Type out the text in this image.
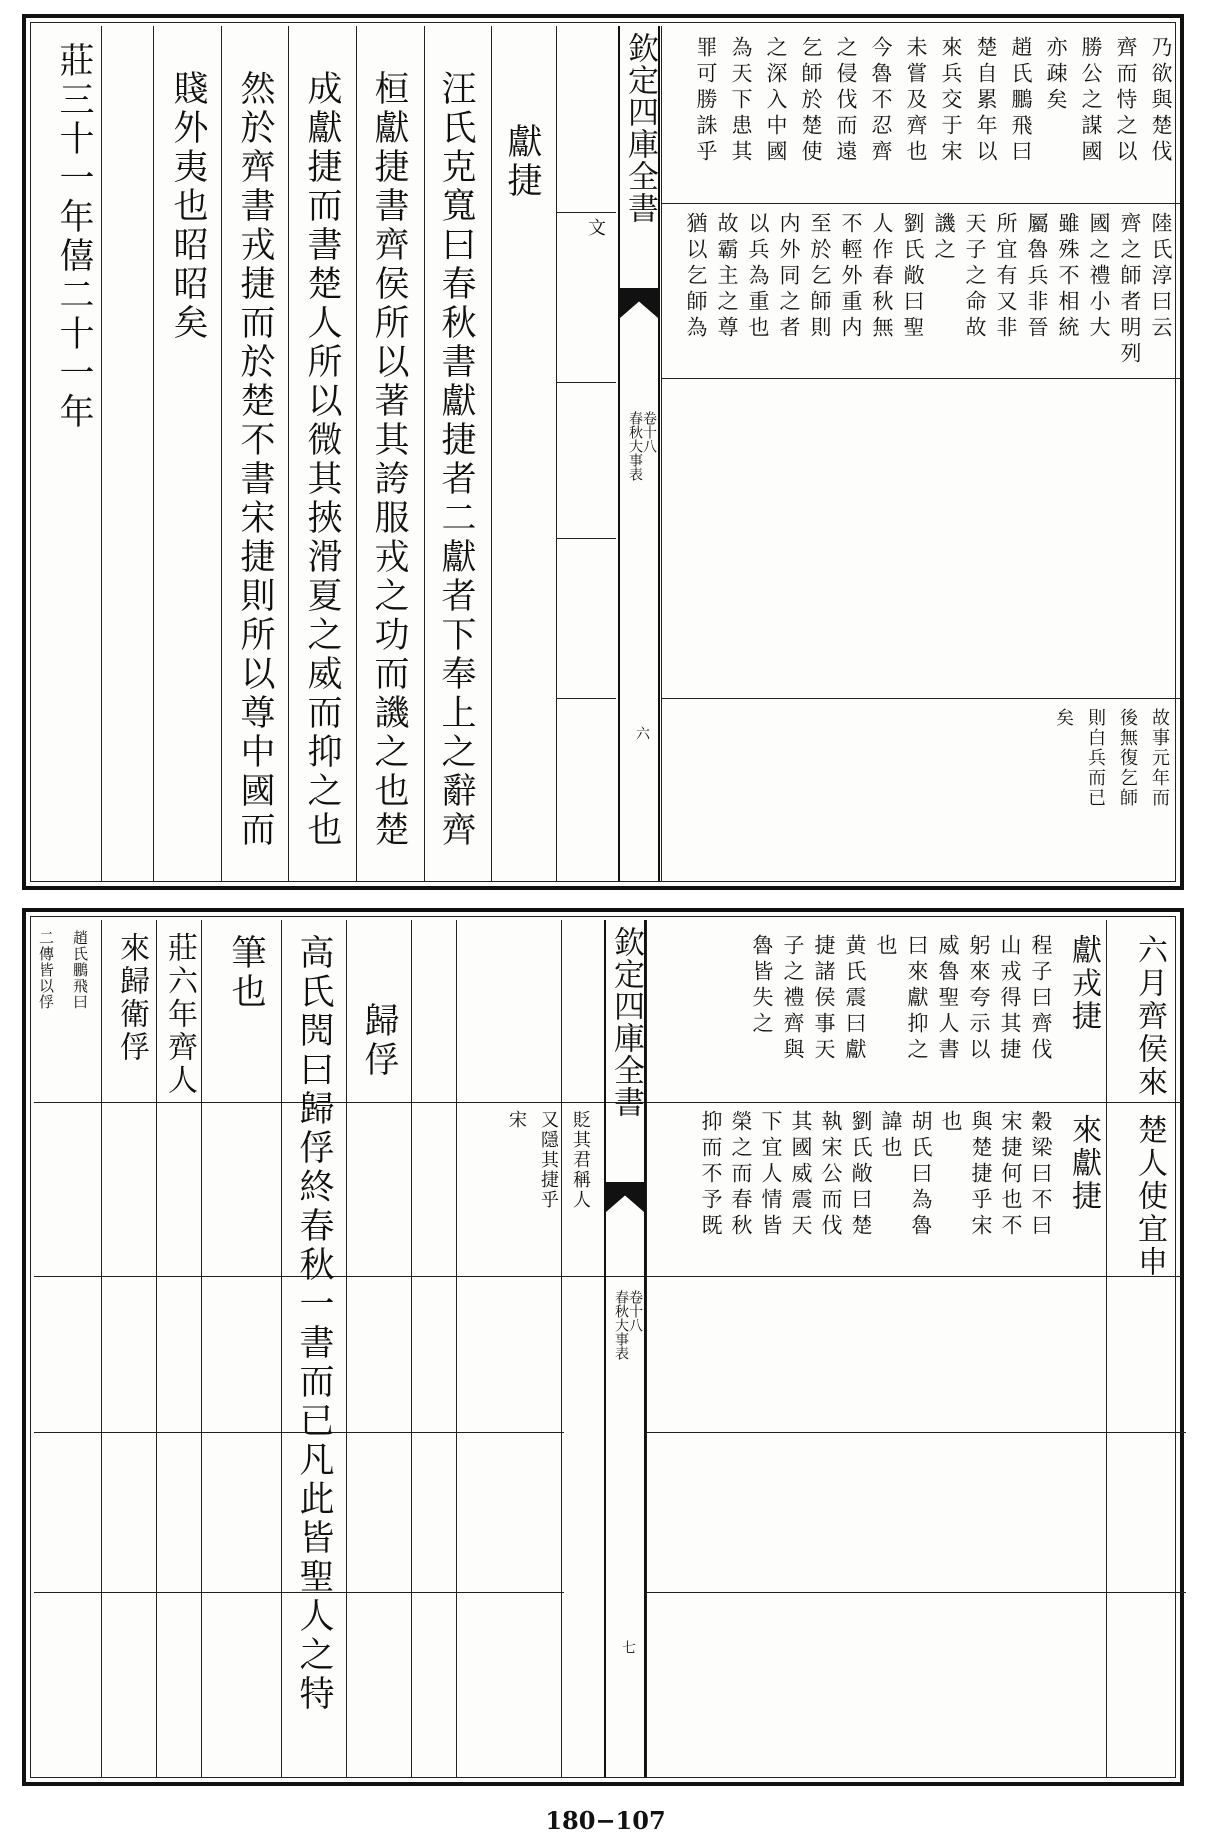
欽定四庫全書
春秋大事表
卷十八
六
乃欲與楚伐
齊而恃之以
勝公之謀國
亦疎矣
趙氏鵬飛曰
楚自累年以
來兵交于宋
未嘗及齊也
今魯不忍齊
之侵伐而遠
乞師於楚使
之深入中國
為天下患其
罪可勝誅乎
陸氏淳曰云
齊之師者明列
國之禮小大
雖殊不相統
屬魯兵非晉
所宜有又非
天子之命故
譏之
劉氏敞曰聖
人作春秋無
不輕外重内
至於乞師則
内外同之者
以兵為重也
故霸主之尊
猶以乞師為
故事元年而
後無復乞師
則白兵而已
矣
文
獻捷
汪氏克寬曰春秋書獻捷者二獻者下奉上之辭齊
桓獻捷書齊侯所以著其誇服戎之功而譏之也楚
成獻捷而書楚人所以微其挾滑夏之威而抑之也
然於齊書戎捷而於楚不書宋捷則所以尊中國而
賤外夷也昭昭矣
莊三十一年僖二十一年
欽定四庫全書
春秋大事表
卷十八
七
六月齊侯來
楚人使宜申
獻戎捷
來獻捷
程子曰齊伐
山戎得其捷
躬來夸示以
威魯聖人書
曰來獻抑之
也
黄氏震曰獻
捷諸侯事天
子之禮齊與
魯皆失之
穀梁曰不曰
宋捷何也不
與楚捷乎宋
也
胡氏曰為魯
諱也
劉氏敞曰楚
執宋公而伐
其國威震天
下宜人情皆
榮之而春秋
抑而不予既
貶其君稱人
又隱其捷乎
宋
歸俘
高氏閌曰歸俘終春秋一書而已凡此皆聖人之特
筆也
莊六年齊人
來歸衛俘
趙氏鵬飛曰
二傳皆以俘
180−107
